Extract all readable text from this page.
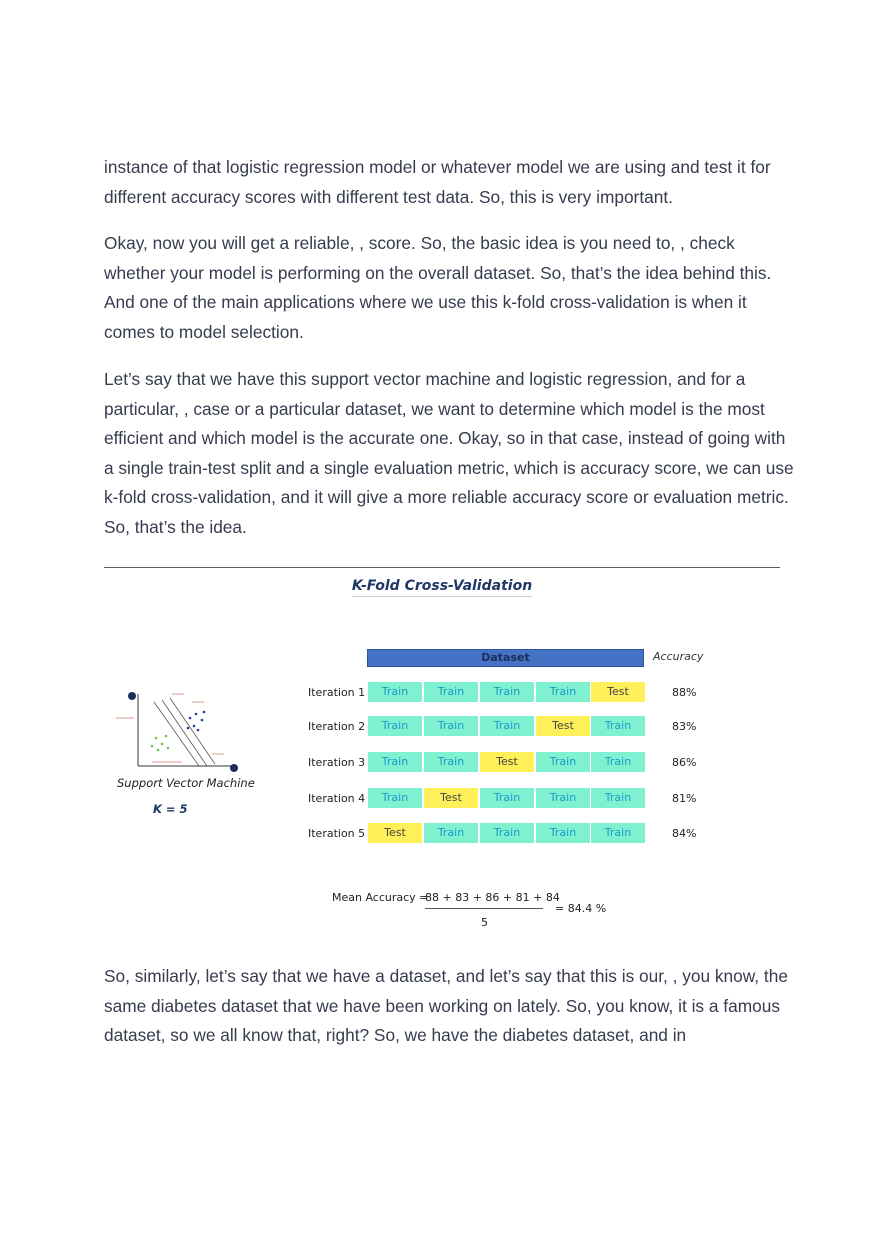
instance of that logistic regression model or whatever model we are using and test it for different accuracy scores with different test data. So, this is very important.

Okay, now you will get a reliable, , score. So, the basic idea is you need to, , check whether your model is performing on the overall dataset. So, that’s the idea behind this. And one of the main applications where we use this k-fold cross-validation is when it comes to model selection.

Let’s say that we have this support vector machine and logistic regression, and for a particular, , case or a particular dataset, we want to determine which model is the most efficient and which model is the accurate one. Okay, so in that case, instead of going with a single train-test split and a single evaluation metric, which is accuracy score, we can use k-fold cross-validation, and it will give a more reliable accuracy score or evaluation metric. So, that’s the idea.

K-Fold Cross-Validation
Dataset	Accuracy
Iteration 1	Train	Train	Train	Train	Test	88%
Iteration 2	Train	Train	Train	Test	Train	83%
Iteration 3	Train	Train	Test	Train	Train	86%
Iteration 4	Train	Test	Train	Train	Train	81%
Iteration 5	Test	Train	Train	Train	Train	84%
Support Vector Machine
K = 5
Mean Accuracy =
88 + 83 + 86 + 81 + 84
5
= 84.4 %

So, similarly, let’s say that we have a dataset, and let’s say that this is our, , you know, the same diabetes dataset that we have been working on lately. So, you know, it is a famous dataset, so we all know that, right? So, we have the diabetes dataset, and in
